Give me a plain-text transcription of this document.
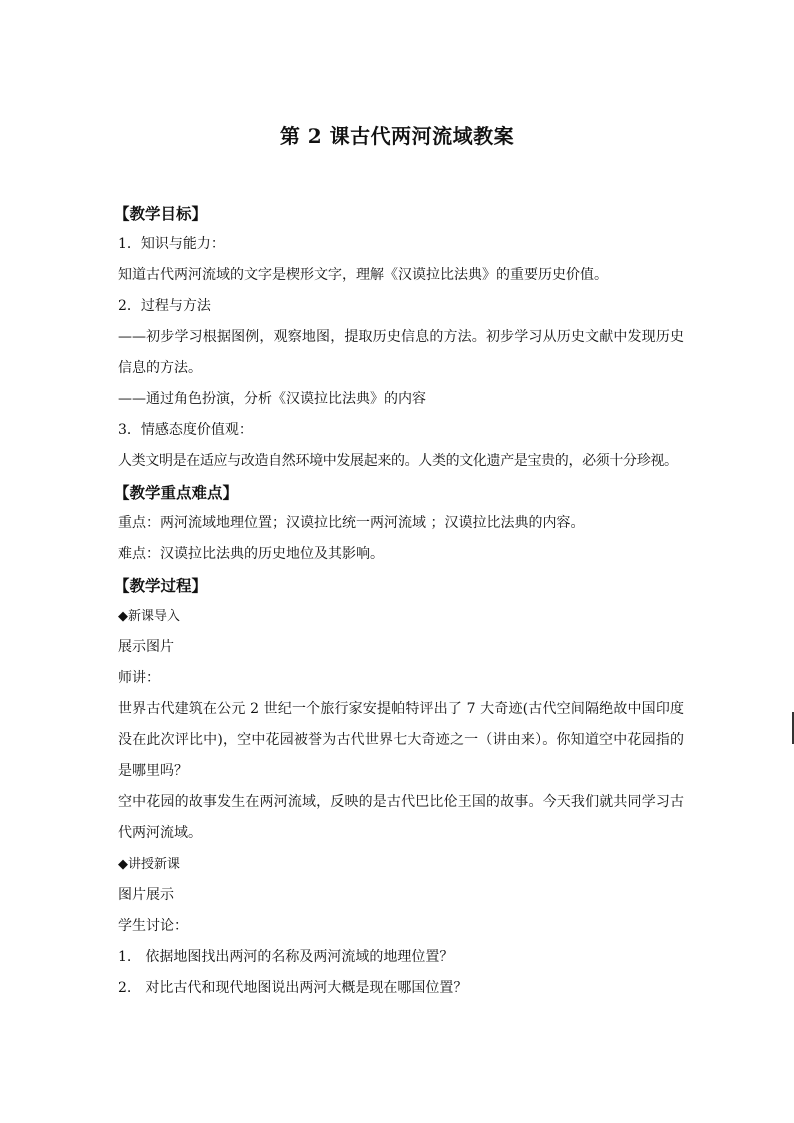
第 2 课古代两河流域教案

【教学目标】

1．知识与能力：

知道古代两河流域的文字是楔形文字，理解《汉谟拉比法典》的重要历史价值。

2．过程与方法

——初步学习根据图例，观察地图，提取历史信息的方法。初步学习从历史文献中发现历史信息的方法。

——通过角色扮演，分析《汉谟拉比法典》的内容

3．情感态度价值观：

人类文明是在适应与改造自然环境中发展起来的。人类的文化遗产是宝贵的，必须十分珍视。

【教学重点难点】

重点：两河流域地理位置；汉谟拉比统一两河流域 ；汉谟拉比法典的内容。

难点：汉谟拉比法典的历史地位及其影响。

【教学过程】

◆新课导入

展示图片

师讲：

世界古代建筑在公元 2 世纪一个旅行家安提帕特评出了 7 大奇迹(古代空间隔绝故中国印度没在此次评比中)，空中花园被誉为古代世界七大奇迹之一（讲由来）。你知道空中花园指的是哪里吗？

空中花园的故事发生在两河流域，反映的是古代巴比伦王国的故事。今天我们就共同学习古代两河流域。

◆讲授新课

图片展示

学生讨论：

1.　依据地图找出两河的名称及两河流域的地理位置？

2.　对比古代和现代地图说出两河大概是现在哪国位置？
